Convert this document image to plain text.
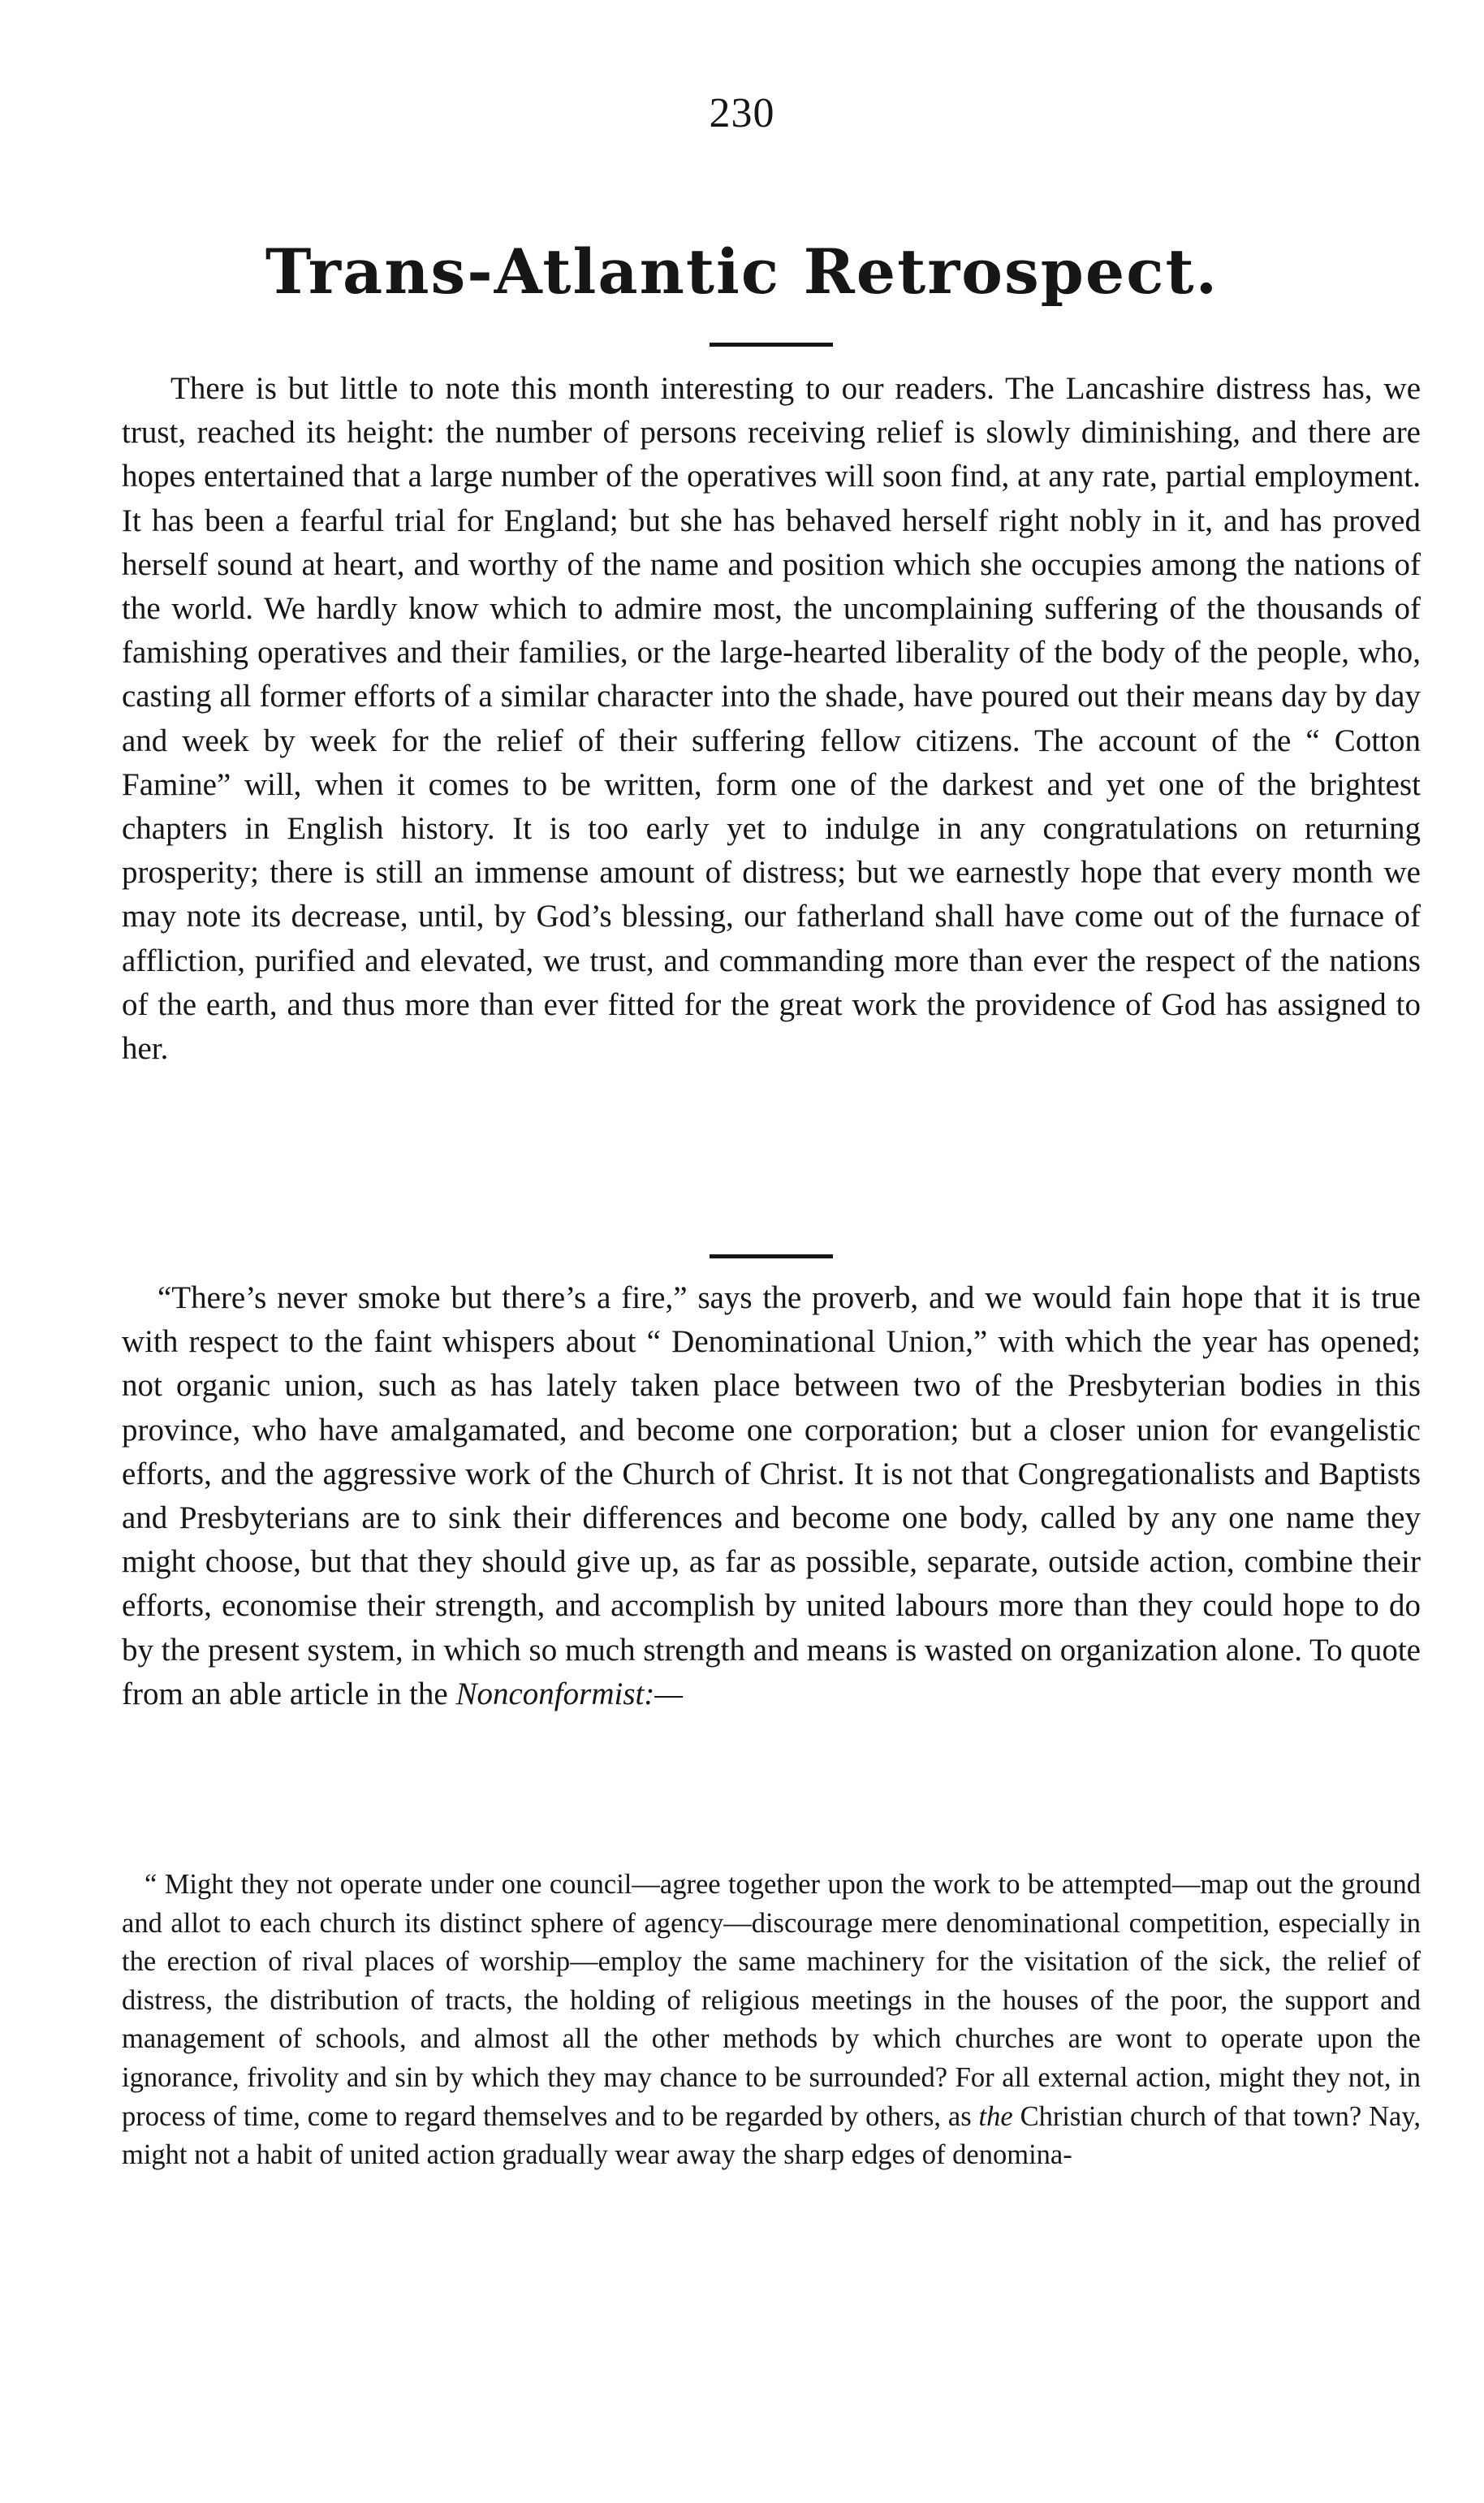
230
Trans-Atlantic Retrospect.

There is but little to note this month interesting to our readers. The Lancashire distress has, we trust, reached its height: the number of persons receiving relief is slowly diminishing, and there are hopes entertained that a large number of the operatives will soon find, at any rate, partial employment. It has been a fearful trial for England; but she has behaved herself right nobly in it, and has proved herself sound at heart, and worthy of the name and position which she occupies among the nations of the world. We hardly know which to admire most, the uncomplaining suffering of the thousands of famishing operatives and their families, or the large-hearted liberality of the body of the people, who, casting all former efforts of a similar character into the shade, have poured out their means day by day and week by week for the relief of their suffering fellow citizens. The account of the “ Cotton Famine” will, when it comes to be written, form one of the darkest and yet one of the brightest chapters in English history. It is too early yet to indulge in any congratulations on returning prosperity; there is still an immense amount of distress; but we earnestly hope that every month we may note its decrease, until, by God’s blessing, our fatherland shall have come out of the furnace of affliction, purified and elevated, we trust, and commanding more than ever the respect of the nations of the earth, and thus more than ever fitted for the great work the providence of God has assigned to her.

“There’s never smoke but there’s a fire,” says the proverb, and we would fain hope that it is true with respect to the faint whispers about “ Denominational Union,” with which the year has opened; not organic union, such as has lately taken place between two of the Presbyterian bodies in this province, who have amalgamated, and become one corporation; but a closer union for evangelistic efforts, and the aggressive work of the Church of Christ. It is not that Congregationalists and Baptists and Presbyterians are to sink their differences and become one body, called by any one name they might choose, but that they should give up, as far as possible, separate, outside action, combine their efforts, economise their strength, and accomplish by united labours more than they could hope to do by the present system, in which so much strength and means is wasted on organization alone. To quote from an able article in the Nonconformist:—

“ Might they not operate under one council—agree together upon the work to be attempted—map out the ground and allot to each church its distinct sphere of agency—discourage mere denominational competition, especially in the erection of rival places of worship—employ the same machinery for the visitation of the sick, the relief of distress, the distribution of tracts, the holding of religious meetings in the houses of the poor, the support and management of schools, and almost all the other methods by which churches are wont to operate upon the ignorance, frivolity and sin by which they may chance to be surrounded? For all external action, might they not, in process of time, come to regard themselves and to be regarded by others, as the Christian church of that town? Nay, might not a habit of united action gradually wear away the sharp edges of denomina-
